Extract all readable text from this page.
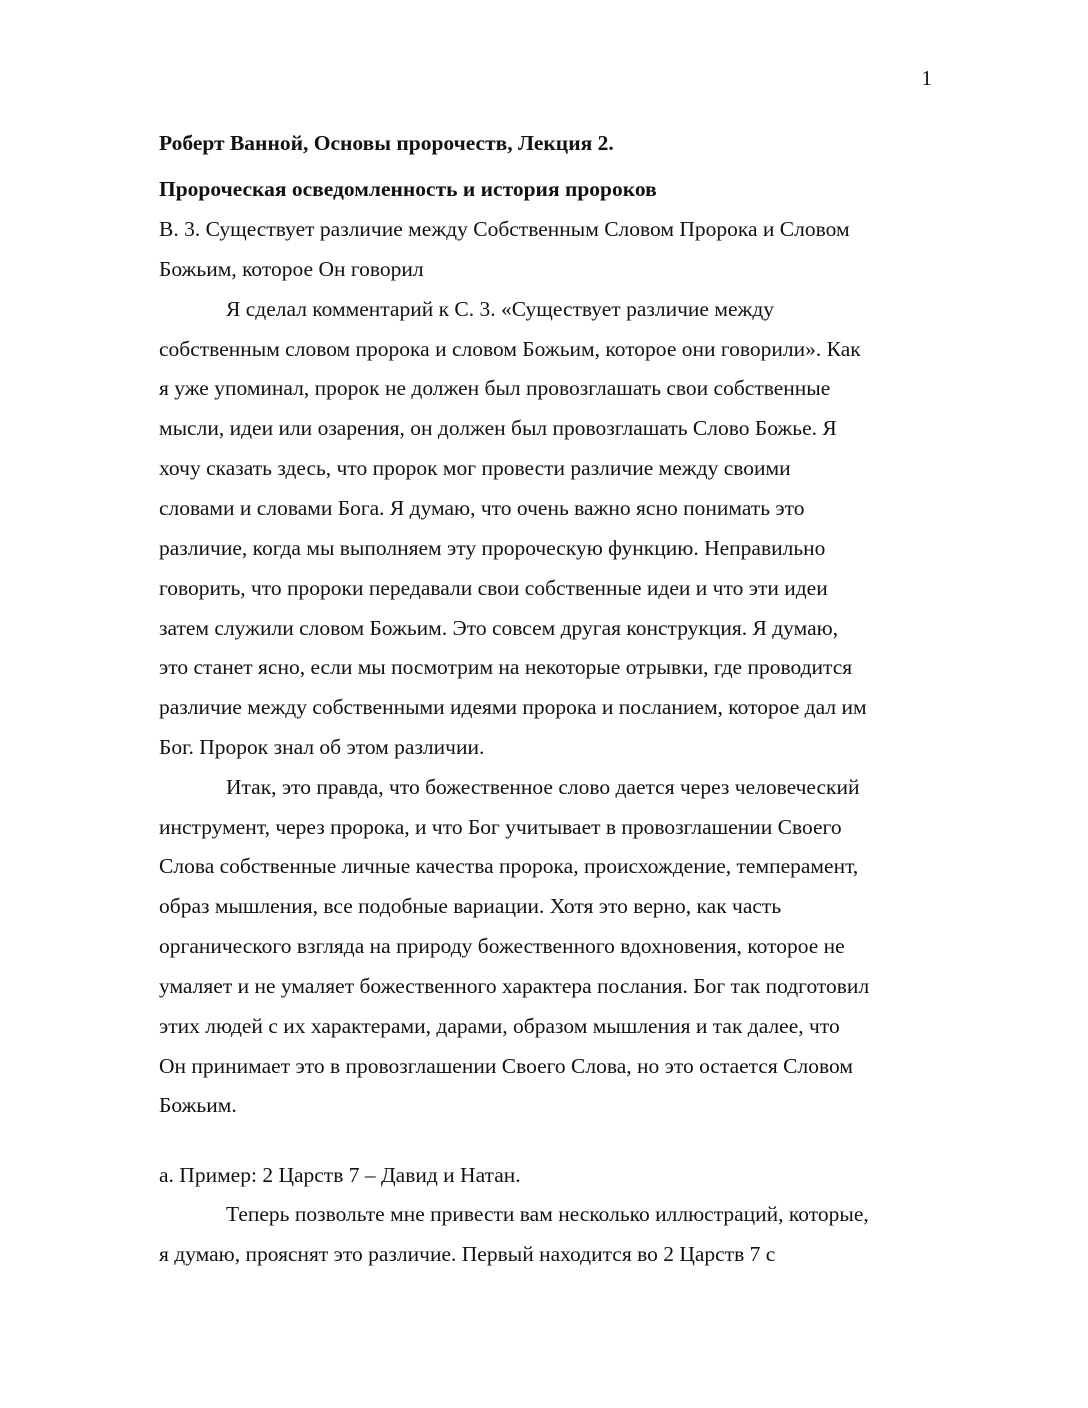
1
Роберт Ванной, Основы пророчеств, Лекция 2.
Пророческая осведомленность и история пророков
В. 3. Существует различие между Собственным Словом Пророка и Словом
Божьим, которое Он говорил
Я сделал комментарий к С. 3. «Существует различие между
собственным словом пророка и словом Божьим, которое они говорили». Как
я уже упоминал, пророк не должен был провозглашать свои собственные
мысли, идеи или озарения, он должен был провозглашать Слово Божье. Я
хочу сказать здесь, что пророк мог провести различие между своими
словами и словами Бога. Я думаю, что очень важно ясно понимать это
различие, когда мы выполняем эту пророческую функцию. Неправильно
говорить, что пророки передавали свои собственные идеи и что эти идеи
затем служили словом Божьим. Это совсем другая конструкция. Я думаю,
это станет ясно, если мы посмотрим на некоторые отрывки, где проводится
различие между собственными идеями пророка и посланием, которое дал им
Бог. Пророк знал об этом различии.
Итак, это правда, что божественное слово дается через человеческий
инструмент, через пророка, и что Бог учитывает в провозглашении Своего
Слова собственные личные качества пророка, происхождение, темперамент,
образ мышления, все подобные вариации. Хотя это верно, как часть
органического взгляда на природу божественного вдохновения, которое не
умаляет и не умаляет божественного характера послания. Бог так подготовил
этих людей с их характерами, дарами, образом мышления и так далее, что
Он принимает это в провозглашении Своего Слова, но это остается Словом
Божьим.
а. Пример: 2 Царств 7 – Давид и Натан.
Теперь позвольте мне привести вам несколько иллюстраций, которые,
я думаю, прояснят это различие. Первый находится во 2 Царств 7 с
